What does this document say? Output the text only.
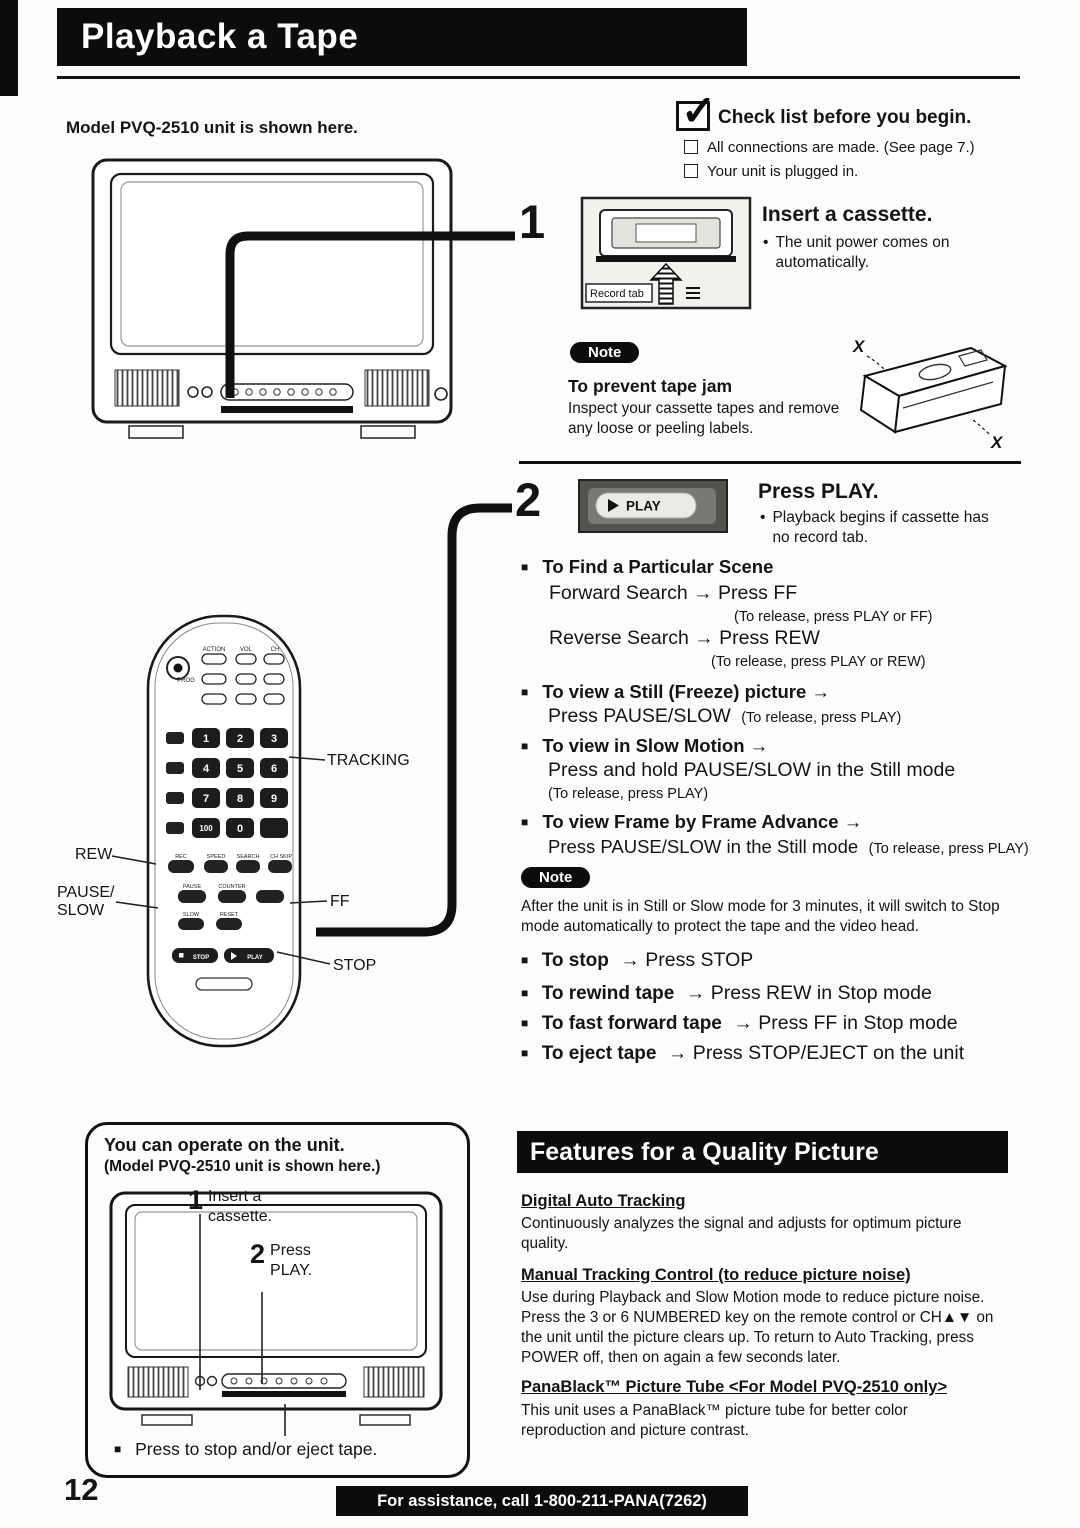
Playback a Tape
Model PVQ-2510 unit is shown here.
ACTION VOL	CH
PROG
1	2	3
4	5	6
7	8	9
100 0
REC	SPEED SEARCH CH SKIP
PAUSE	COUNTER
SLOW	RESET
STOP	PLAY
TRACKING
REW
PAUSE/
SLOW
FF
STOP
✓ Check list before you begin.
All connections are made. (See page 7.)
Your unit is plugged in.
1
Record tab
Insert a cassette.
• The unit power comes on automatically.
Note
To prevent tape jam
Inspect your cassette tapes and remove any loose or peeling labels.
X
X
2	PLAY
Press PLAY.
• Playback begins if cassette has no record tab.
■ To Find a Particular Scene
Forward Search → Press FF
(To release, press PLAY or FF)
Reverse Search → Press REW
(To release, press PLAY or REW)
■ To view a Still (Freeze) picture →
Press PAUSE/SLOW (To release, press PLAY)
■ To view in Slow Motion →
Press and hold PAUSE/SLOW in the Still mode
(To release, press PLAY)
■ To view Frame by Frame Advance →
Press PAUSE/SLOW in the Still mode (To release, press PLAY)
Note
After the unit is in Still or Slow mode for 3 minutes, it will switch to Stop mode automatically to protect the tape and the video head.
■ To stop → Press STOP
■ To rewind tape → Press REW in Stop mode
■ To fast forward tape → Press FF in Stop mode
■ To eject tape → Press STOP/EJECT on the unit
You can operate on the unit.
(Model PVQ-2510 unit is shown here.)
1 Insert a
cassette.
2 Press
PLAY.
■ Press to stop and/or eject tape.
Features for a Quality Picture
Digital Auto Tracking
Continuously analyzes the signal and adjusts for optimum picture quality.
Manual Tracking Control (to reduce picture noise)
Use during Playback and Slow Motion mode to reduce picture noise. Press the 3 or 6 NUMBERED key on the remote control or CH▲▼ on the unit until the picture clears up. To return to Auto Tracking, press POWER off, then on again a few seconds later.
PanaBlack™ Picture Tube <For Model PVQ-2510 only>
This unit uses a PanaBlack™ picture tube for better color reproduction and picture contrast.
12	For assistance, call 1-800-211-PANA(7262)
